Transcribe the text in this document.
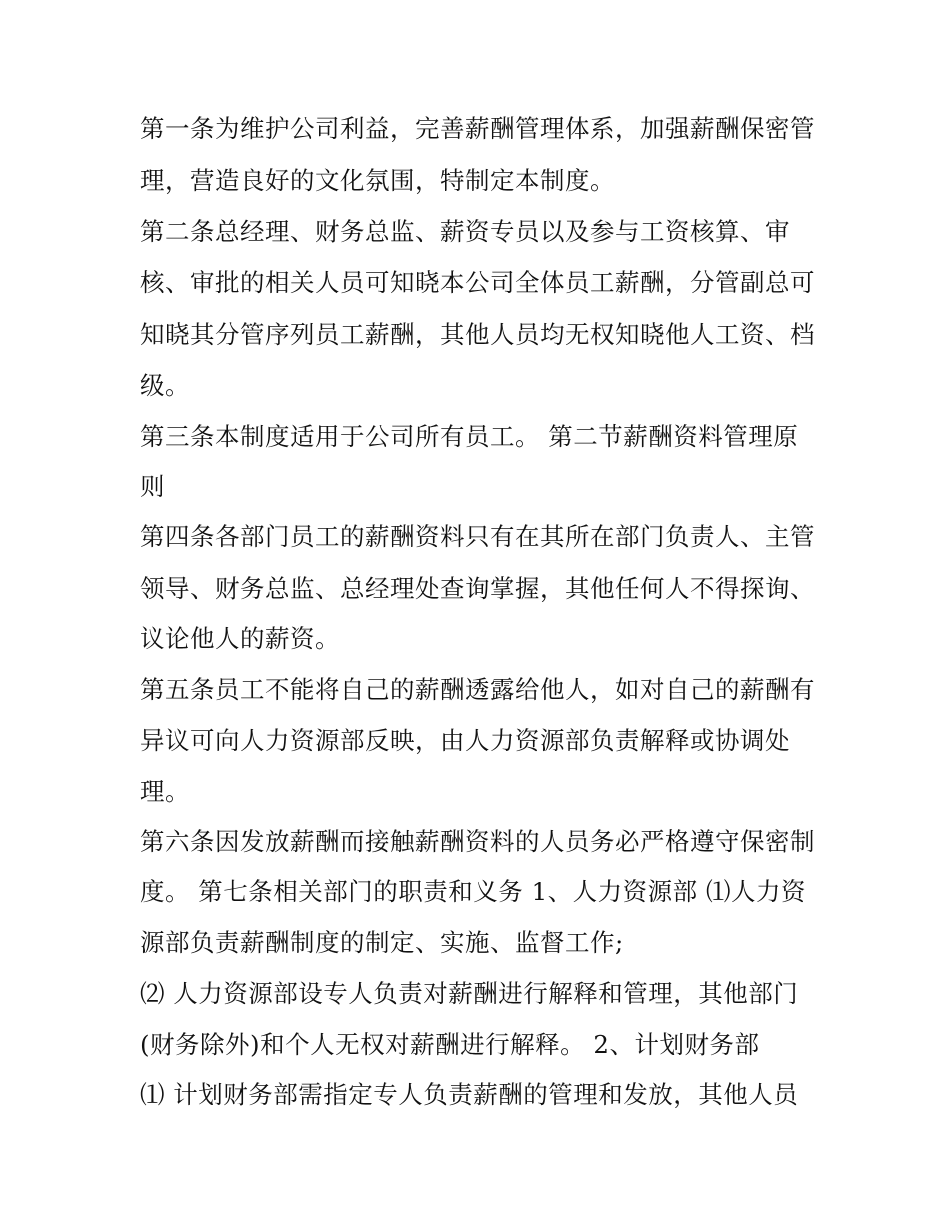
第一条为维护公司利益，完善薪酬管理体系，加强薪酬保密管
理，营造良好的文化氛围，特制定本制度。
第二条总经理、财务总监、薪资专员以及参与工资核算、审
核、审批的相关人员可知晓本公司全体员工薪酬，分管副总可
知晓其分管序列员工薪酬，其他人员均无权知晓他人工资、档
级。
第三条本制度适用于公司所有员工。 第二节薪酬资料管理原
则
第四条各部门员工的薪酬资料只有在其所在部门负责人、主管
领导、财务总监、总经理处查询掌握，其他任何人不得探询、
议论他人的薪资。
第五条员工不能将自己的薪酬透露给他人，如对自己的薪酬有
异议可向人力资源部反映，由人力资源部负责解释或协调处
理。
第六条因发放薪酬而接触薪酬资料的人员务必严格遵守保密制
度。 第七条相关部门的职责和义务 1、人力资源部 ⑴人力资
源部负责薪酬制度的制定、实施、监督工作;
⑵ 人力资源部设专人负责对薪酬进行解释和管理，其他部门
(财务除外)和个人无权对薪酬进行解释。 2、计划财务部
⑴ 计划财务部需指定专人负责薪酬的管理和发放，其他人员
